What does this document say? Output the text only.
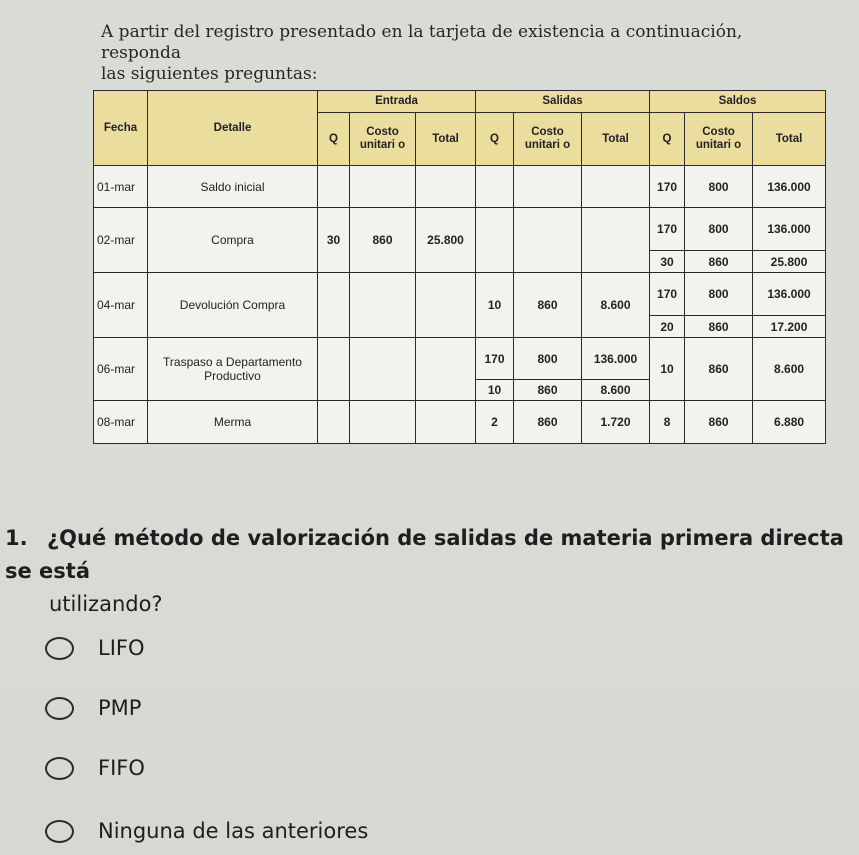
A partir del registro presentado en la tarjeta de existencia a continuación, responda

las siguientes preguntas:

Fecha	Detalle	Entrada			Salidas			Saldos		
		Q	Costo unitari o	Total	Q	Costo unitari o	Total	Q	Costo unitari o	Total
01-mar	Saldo inicial							170	800	136.000
02-mar	Compra	30	860	25.800				170	800	136.000
								30	860	25.800
04-mar	Devolución Compra				10	860	8.600	170	800	136.000
								20	860	17.200
06-mar	Traspaso a Departamento Productivo				170	800	136.000	10	860	8.600
					10	860	8.600			
08-mar	Merma				2	860	1.720	8	860	6.880
1. ¿Qué método de valorización de salidas de materia primera directa se está
utilizando?
LIFO
PMP
FIFO
Ninguna de las anteriores
